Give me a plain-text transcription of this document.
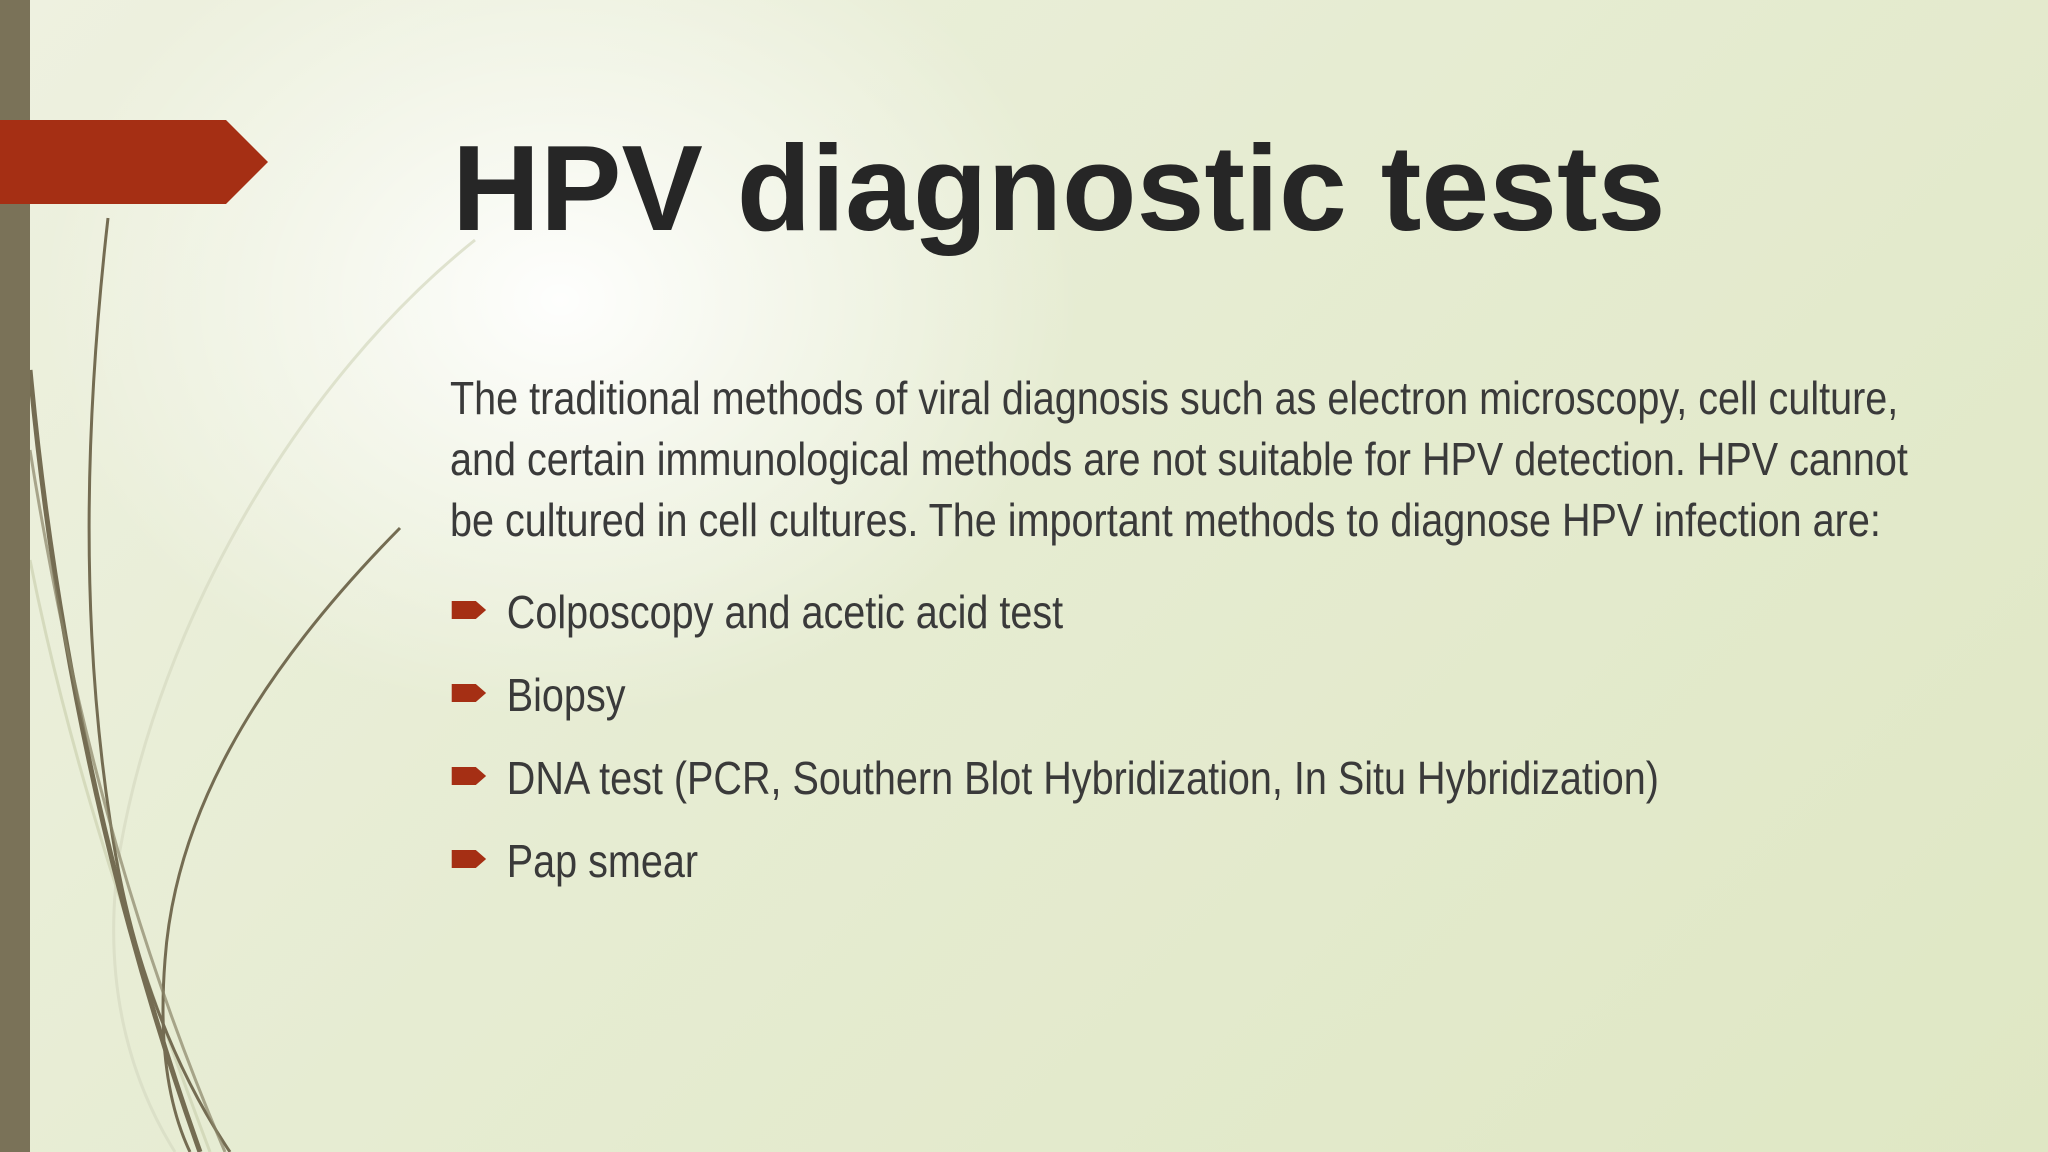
HPV diagnostic tests

The traditional methods of viral diagnosis such as electron microscopy, cell culture, and certain immunological methods are not suitable for HPV detection. HPV cannot be cultured in cell cultures. The important methods to diagnose HPV infection are:

Colposcopy and acetic acid test
Biopsy
DNA test (PCR, Southern Blot Hybridization, In Situ Hybridization)
Pap smear
